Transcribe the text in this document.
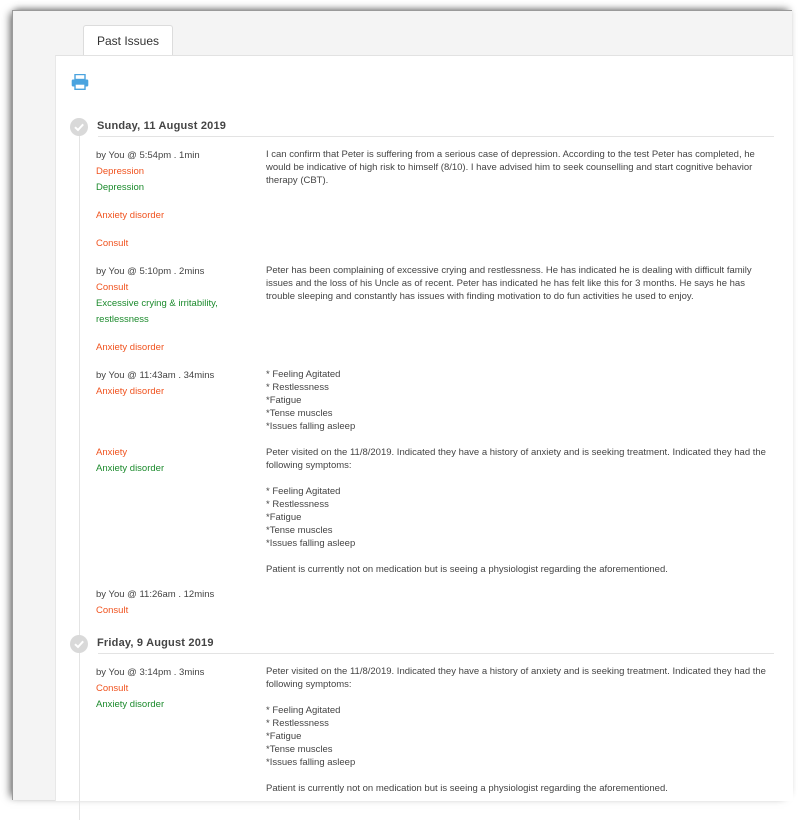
Past Issues
Sunday, 11 August 2019
by You @ 5:54pm . 1min
Depression
Depression
Anxiety disorder
Consult
I can confirm that Peter is suffering from a serious case of depression. According to the test Peter has completed, he would be indicative of high risk to himself (8/10). I have advised him to seek counselling and start cognitive behavior therapy (CBT).
by You @ 5:10pm . 2mins
Consult
Excessive crying & irritability, restlessness
Anxiety disorder
Peter has been complaining of excessive crying and restlessness. He has indicated he is dealing with difficult family issues and the loss of his Uncle as of recent. Peter has indicated he has felt like this for 3 months. He says he has trouble sleeping and constantly has issues with finding motivation to do fun activities he used to enjoy.
by You @ 11:43am . 34mins
Anxiety disorder
Anxiety
Anxiety disorder
* Feeling Agitated
* Restlessness
*Fatigue
*Tense muscles
*Issues falling asleep
Peter visited on the 11/8/2019. Indicated they have a history of anxiety and is seeking treatment. Indicated they had the following symptoms:
* Feeling Agitated
* Restlessness
*Fatigue
*Tense muscles
*Issues falling asleep
Patient is currently not on medication but is seeing a physiologist regarding the aforementioned.
by You @ 11:26am . 12mins
Consult
Friday, 9 August 2019
by You @ 3:14pm . 3mins
Consult
Anxiety disorder
Peter visited on the 11/8/2019. Indicated they have a history of anxiety and is seeking treatment. Indicated they had the following symptoms:
* Feeling Agitated
* Restlessness
*Fatigue
*Tense muscles
*Issues falling asleep
Patient is currently not on medication but is seeing a physiologist regarding the aforementioned.
